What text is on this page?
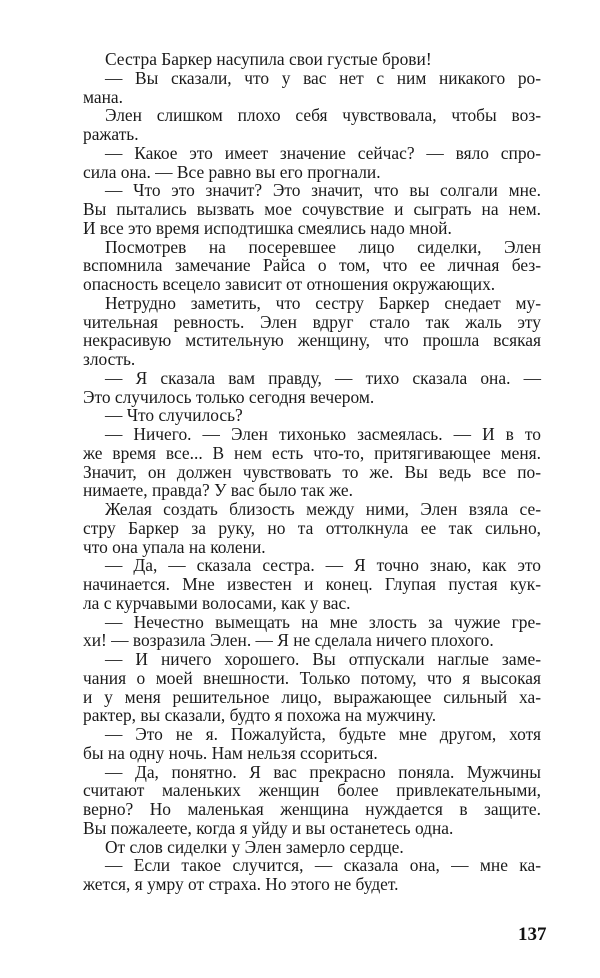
Сестра Баркер насупила свои густые брови!
— Вы сказали, что у вас нет с ним никакого ро-
мана.
Элен слишком плохо себя чувствовала, чтобы воз-
ражать.
— Какое это имеет значение сейчас? — вяло спро-
сила она. — Все равно вы его прогнали.
— Что это значит? Это значит, что вы солгали мне.
Вы пытались вызвать мое сочувствие и сыграть на нем.
И все это время исподтишка смеялись надо мной.
Посмотрев на посеревшее лицо сиделки, Элен
вспомнила замечание Райса о том, что ее личная без-
опасность всецело зависит от отношения окружающих.
Нетрудно заметить, что сестру Баркер снедает му-
чительная ревность. Элен вдруг стало так жаль эту
некрасивую мстительную женщину, что прошла всякая
злость.
— Я сказала вам правду, — тихо сказала она. —
Это случилось только сегодня вечером.
— Что случилось?
— Ничего. — Элен тихонько засмеялась. — И в то
же время все... В нем есть что-то, притягивающее меня.
Значит, он должен чувствовать то же. Вы ведь все по-
нимаете, правда? У вас было так же.
Желая создать близость между ними, Элен взяла се-
стру Баркер за руку, но та оттолкнула ее так сильно,
что она упала на колени.
— Да, — сказала сестра. — Я точно знаю, как это
начинается. Мне известен и конец. Глупая пустая кук-
ла с курчавыми волосами, как у вас.
— Нечестно вымещать на мне злость за чужие гре-
хи! — возразила Элен. — Я не сделала ничего плохого.
— И ничего хорошего. Вы отпускали наглые заме-
чания о моей внешности. Только потому, что я высокая
и у меня решительное лицо, выражающее сильный ха-
рактер, вы сказали, будто я похожа на мужчину.
— Это не я. Пожалуйста, будьте мне другом, хотя
бы на одну ночь. Нам нельзя ссориться.
— Да, понятно. Я вас прекрасно поняла. Мужчины
считают маленьких женщин более привлекательными,
верно? Но маленькая женщина нуждается в защите.
Вы пожалеете, когда я уйду и вы останетесь одна.
От слов сиделки у Элен замерло сердце.
— Если такое случится, — сказала она, — мне ка-
жется, я умру от страха. Но этого не будет.
137
